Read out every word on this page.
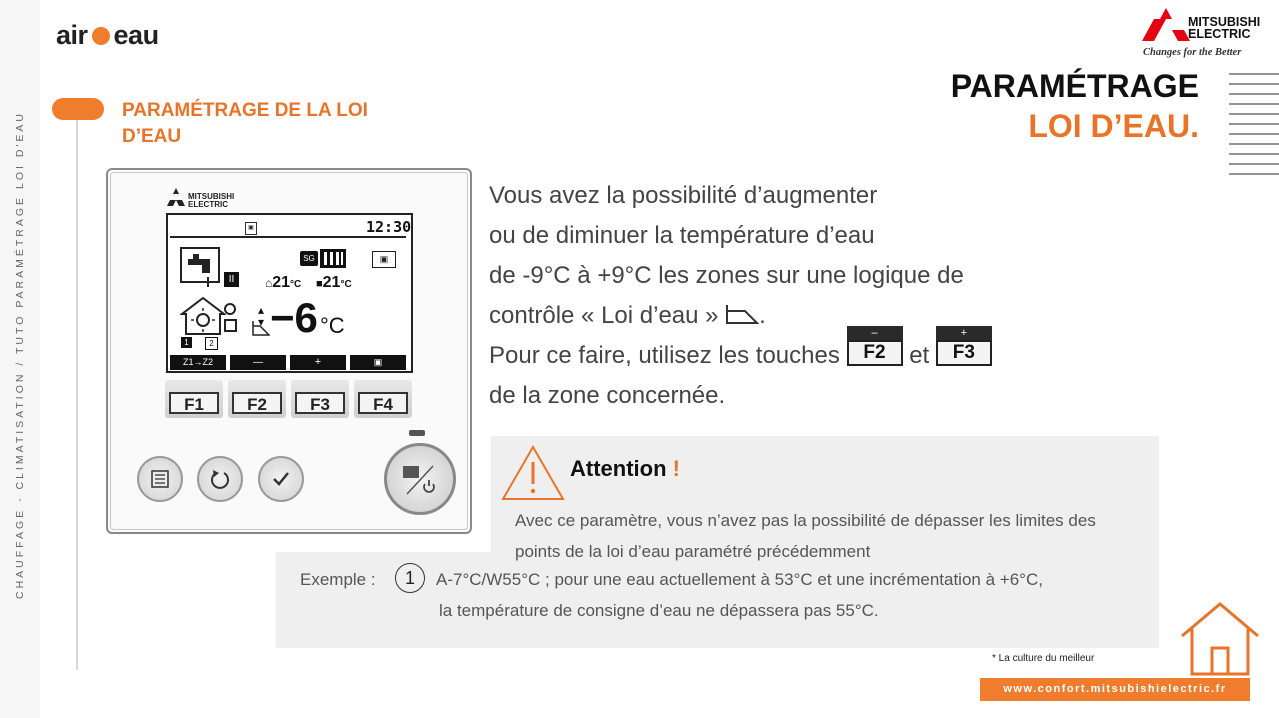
CHAUFFAGE - CLIMATISATION / TUTO PARAMÉTRAGE LOI D'EAU
air eau
PARAMÉTRAGE DE LA LOI D’EAU
MITSUBISHI
ELECTRIC
Changes for the Better
PARAMÉTRAGE
LOI D’EAU.
MITSUBISHI
ELECTRIC
▣	12:30
II
SG	▣
⌂21°C ■21°C
▴
▾ −6 °C
1	2
Z1→Z2	—	+	▣
F1	F2	F3	F4
Vous avez la possibilité d’augmenter
ou de diminuer la température d’eau
de -9°C à +9°C les zones sur une logique de
contrôle « Loi d’eau » .
Pour ce faire, utilisez les touches
–
F2 et
+
F3
de la zone concernée.
Attention !
Avec ce paramètre, vous n’avez pas la possibilité de dépasser les limites des points de la loi d’eau paramétré précédemment
Exemple :	1	A-7°C/W55°C ; pour une eau actuellement à 53°C et une incrémentation à +6°C,
la température de consigne d’eau ne dépassera pas 55°C.
* La culture du meilleur
www.confort.mitsubishielectric.fr
